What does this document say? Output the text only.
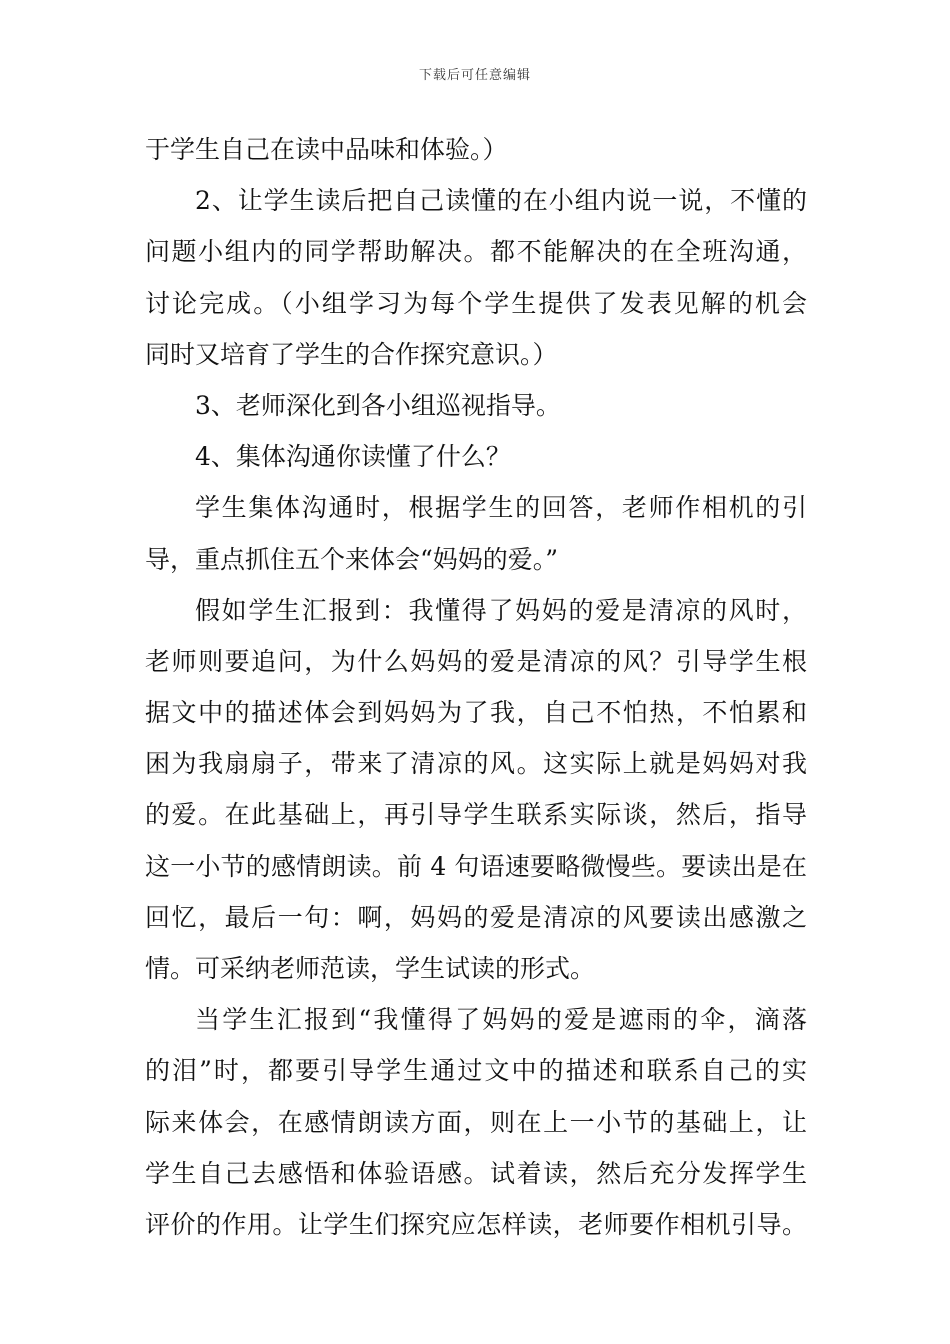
下载后可任意编辑
于学生自己在读中品味和体验。）
2、让学生读后把自己读懂的在小组内说一说，不懂的
问题小组内的同学帮助解决。都不能解决的在全班沟通，
讨论完成。（小组学习为每个学生提供了发表见解的机会
同时又培育了学生的合作探究意识。）
3、老师深化到各小组巡视指导。
4、集体沟通你读懂了什么？
学生集体沟通时，根据学生的回答，老师作相机的引
导，重点抓住五个来体会“妈妈的爱。”
假如学生汇报到：我懂得了妈妈的爱是清凉的风时，
老师则要追问，为什么妈妈的爱是清凉的风？引导学生根
据文中的描述体会到妈妈为了我，自己不怕热，不怕累和
困为我扇扇子，带来了清凉的风。这实际上就是妈妈对我
的爱。在此基础上，再引导学生联系实际谈，然后，指导
这一小节的感情朗读。前 4 句语速要略微慢些。要读出是在
回忆，最后一句：啊，妈妈的爱是清凉的风要读出感激之
情。可采纳老师范读，学生试读的形式。
当学生汇报到“我懂得了妈妈的爱是遮雨的伞，滴落
的泪”时，都要引导学生通过文中的描述和联系自己的实
际来体会，在感情朗读方面，则在上一小节的基础上，让
学生自己去感悟和体验语感。试着读，然后充分发挥学生
评价的作用。让学生们探究应怎样读，老师要作相机引导。
